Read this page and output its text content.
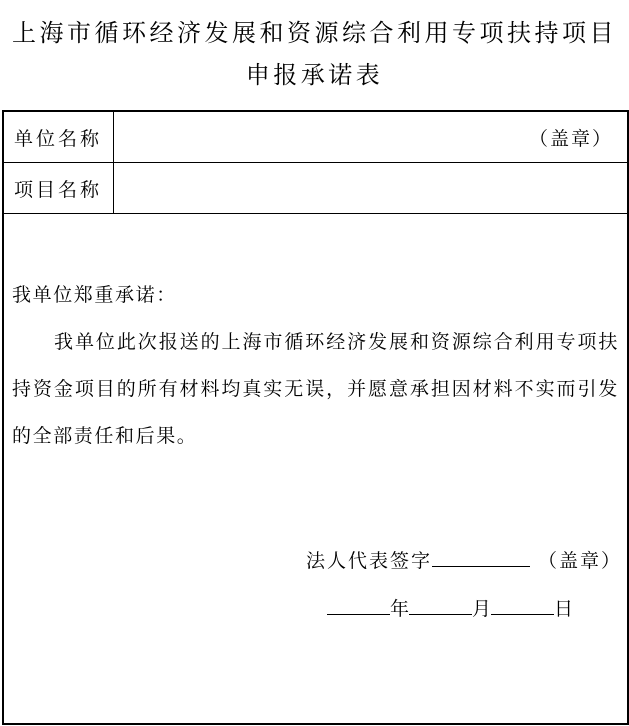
上海市循环经济发展和资源综合利用专项扶持项目
申报承诺表
单位名称	（盖章）
项目名称

我单位郑重承诺：

我单位此次报送的上海市循环经济发展和资源综合利用专项扶持资金项目的所有材料均真实无误，并愿意承担因材料不实而引发的全部责任和后果。

法人代表签字	（盖章）
年	月	日
